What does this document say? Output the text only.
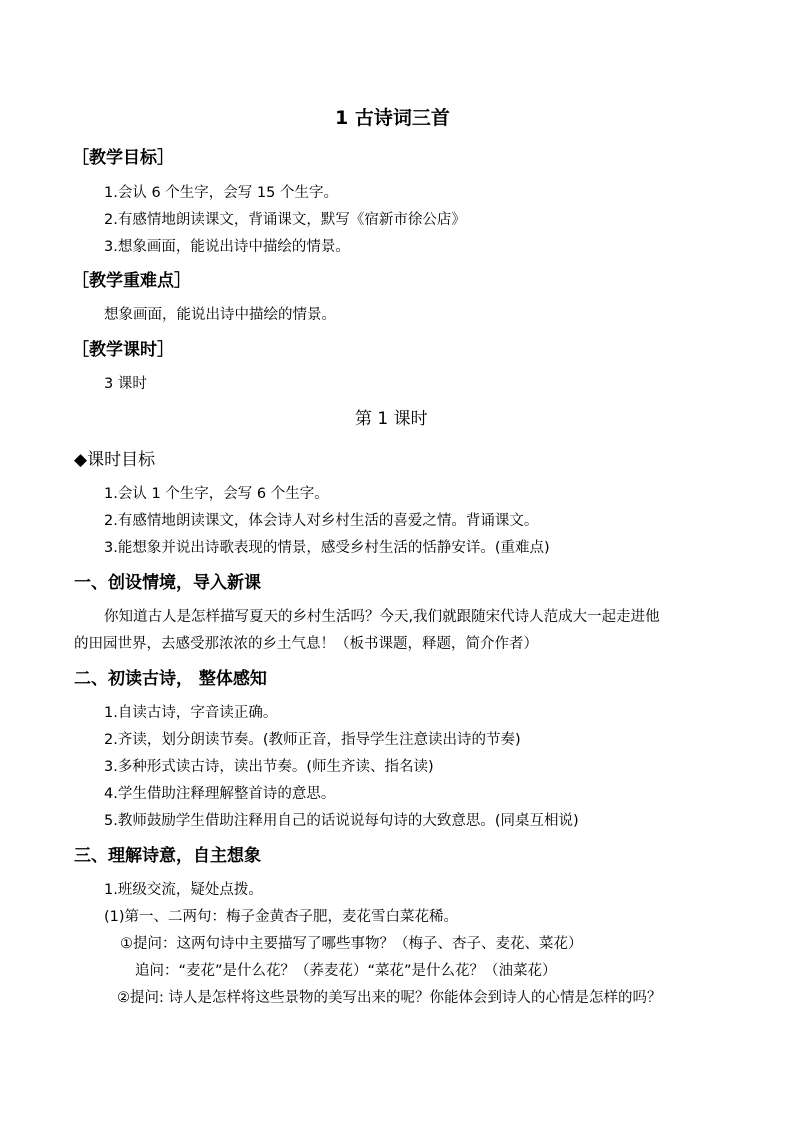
1 古诗词三首
［教学目标］
1.会认 6 个生字，会写 15 个生字。
2.有感情地朗读课文，背诵课文，默写《宿新市徐公店》
3.想象画面，能说出诗中描绘的情景。
［教学重难点］
想象画面，能说出诗中描绘的情景。
［教学课时］
3 课时
第 1 课时
◆课时目标
1.会认 1 个生字，会写 6 个生字。
2.有感情地朗读课文，体会诗人对乡村生活的喜爱之情。背诵课文。
3.能想象并说出诗歌表现的情景，感受乡村生活的恬静安详。(重难点)
一、创设情境，导入新课
你知道古人是怎样描写夏天的乡村生活吗？今天,我们就跟随宋代诗人范成大一起走进他
的田园世界，去感受那浓浓的乡土气息！（板书课题，释题，简介作者）
二、初读古诗， 整体感知
1.自读古诗，字音读正确。
2.齐读，划分朗读节奏。(教师正音，指导学生注意读出诗的节奏)
3.多种形式读古诗，读出节奏。(师生齐读、指名读)
4.学生借助注释理解整首诗的意思。
5.教师鼓励学生借助注释用自己的话说说每句诗的大致意思。(同桌互相说)
三、理解诗意，自主想象
1.班级交流，疑处点拨。
(1)第一、二两句：梅子金黄杏子肥，麦花雪白菜花稀。
①提问：这两句诗中主要描写了哪些事物？（梅子、杏子、麦花、菜花）
追问：“麦花”是什么花？（荞麦花）“菜花”是什么花？（油菜花）
②提问: 诗人是怎样将这些景物的美写出来的呢？你能体会到诗人的心情是怎样的吗？
